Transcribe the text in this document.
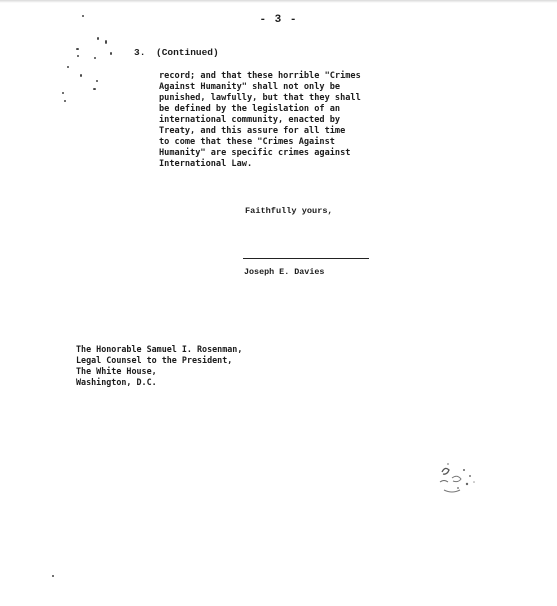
- 3 -
3. (Continued)
record; and that these horrible "Crimes
Against Humanity" shall not only be
punished, lawfully, but that they shall
be defined by the legislation of an
international community, enacted by
Treaty, and this assure for all time
to come that these "Crimes Against
Humanity" are specific crimes against
International Law.
Faithfully yours,
Joseph E. Davies
The Honorable Samuel I. Rosenman,
Legal Counsel to the President,
The White House,
Washington, D.C.
